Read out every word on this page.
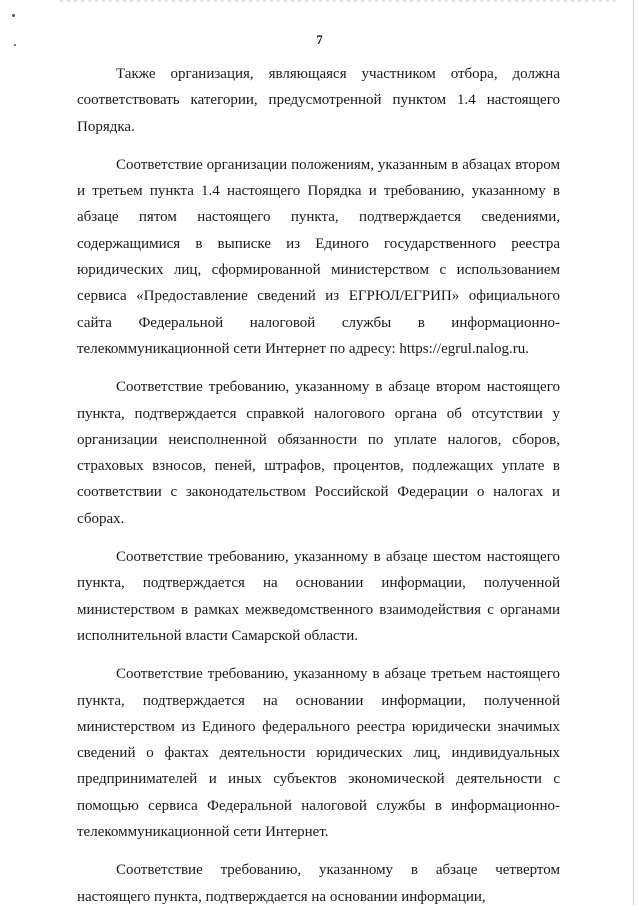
7

Также организация, являющаяся участником отбора, должна соответствовать категории, предусмотренной пунктом 1.4 настоящего Порядка.

Соответствие организации положениям, указанным в абзацах втором и третьем пункта 1.4 настоящего Порядка и требованию, указанному в абзаце пятом настоящего пункта, подтверждается сведениями, содержащимися в выписке из Единого государственного реестра юридических лиц, сформированной министерством с использованием сервиса «Предоставление сведений из ЕГРЮЛ/ЕГРИП» официального сайта Федеральной налоговой службы в информационно-телекоммуникационной сети Интернет по адресу: https://egrul.nalog.ru.

Соответствие требованию, указанному в абзаце втором настоящего пункта, подтверждается справкой налогового органа об отсутствии у организации неисполненной обязанности по уплате налогов, сборов, страховых взносов, пеней, штрафов, процентов, подлежащих уплате в соответствии с законодательством Российской Федерации о налогах и сборах.

Соответствие требованию, указанному в абзаце шестом настоящего пункта, подтверждается на основании информации, полученной министерством в рамках межведомственного взаимодействия с органами исполнительной власти Самарской области.

Соответствие требованию, указанному в абзаце третьем настоящего пункта, подтверждается на основании информации, полученной министерством из Единого федерального реестра юридически значимых сведений о фактах деятельности юридических лиц, индивидуальных предпринимателей и иных субъектов экономической деятельности с помощью сервиса Федеральной налоговой службы в информационно-телекоммуникационной сети Интернет.

Соответствие требованию, указанному в абзаце четвертом настоящего пункта, подтверждается на основании информации,
